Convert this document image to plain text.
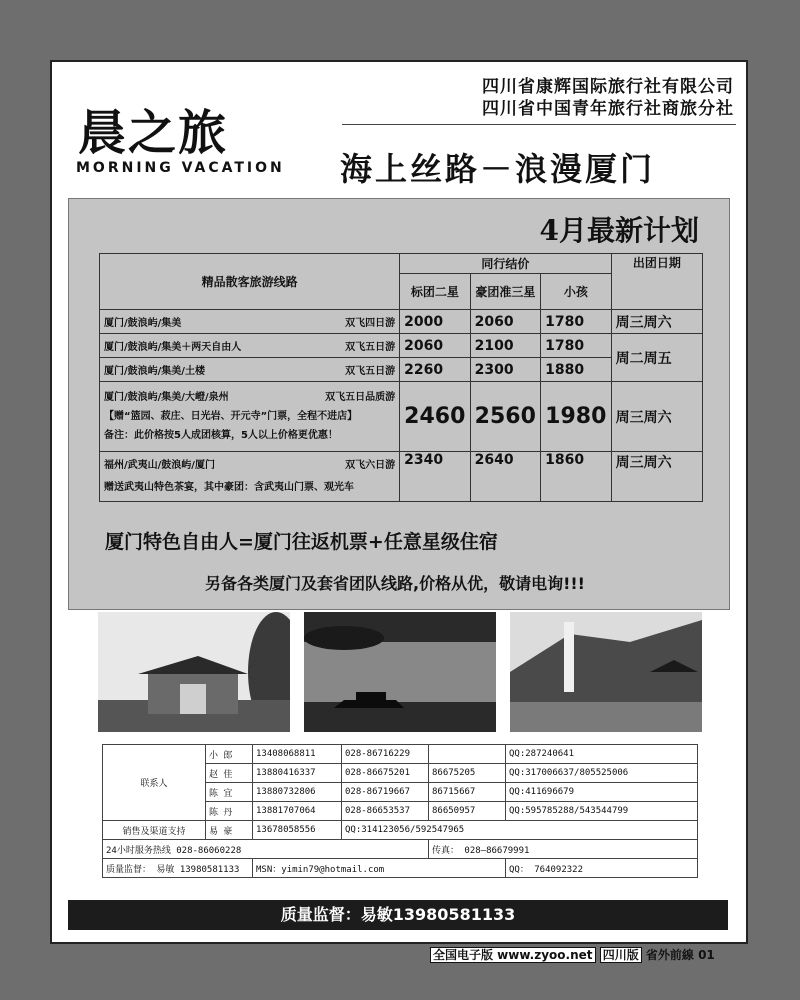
四川省康辉国际旅行社有限公司
四川省中国青年旅行社商旅分社
晨之旅
MORNING VACATION 海上丝路－浪漫厦门
4月最新计划
精品散客旅游线路	同行结价			出团日期
	标团二星	豪团准三星	小孩	
厦门/鼓浪屿/集美 双飞四日游	2000	2060	1780	周三周六
厦门/鼓浪屿/集美＋两天自由人 双飞五日游	2060	2100	1780	周二周五
厦门/鼓浪屿/集美/土楼 双飞五日游	2260	2300	1880	
厦门/鼓浪屿/集美/大嶝/泉州 双飞五日品质游

【赠“篮园、菽庄、日光岩、开元寺”门票，全程不进店】
备注：此价格按5人成团核算，5人以上价格更优惠！	2460	2560	1980	周三周六
福州/武夷山/鼓浪屿/厦门 双飞六日游

赠送武夷山特色茶宴，其中豪团：含武夷山门票、观光车	2340	2640	1860	周三周六
厦门特色自由人=厦门往返机票+任意星级住宿
另备各类厦门及套省团队线路,价格从优，敬请电询!!!
联系人	小 郎	13408068811	028-86716229		QQ:287240641
	赵 佳	13880416337	028-86675201	86675205	QQ:317006637/805525006
	陈 宜	13880732806	028-86719667	86715667	QQ:411696679
	陈 丹	13881707064	028-86653537	86650957	QQ:595785288/543544799
销售及渠道支持	易 豪	13678058556	QQ:314123056/592547965		
24小时服务热线 028-86060228				传真： 028—86679991	
质量监督： 易敏 13980581133		MSN：yimin79@hotmail.com			QQ： 764092322
质量监督：易敏13980581133
全国电子版 www.zyoo.net 四川版 省外前線 01
